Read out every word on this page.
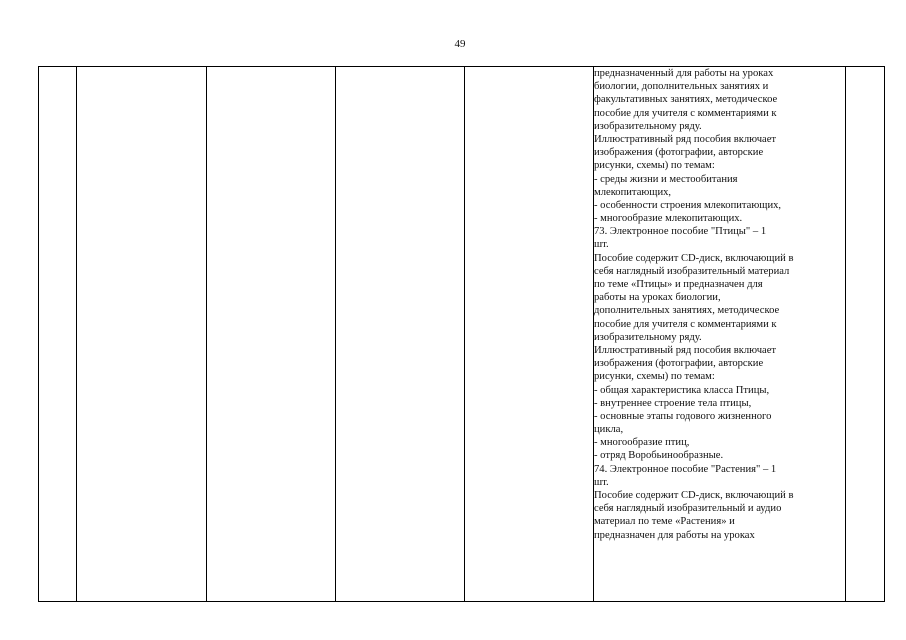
49

предназначенный для работы на уроках
биологии, дополнительных занятиях и
факультативных занятиях, методическое
пособие для учителя с комментариями к
изобразительному ряду.
Иллюстративный ряд пособия включает
изображения (фотографии, авторские
рисунки, схемы) по темам:
- среды жизни и местообитания
млекопитающих,
- особенности строения млекопитающих,
- многообразие млекопитающих.
73. Электронное пособие "Птицы" – 1
шт.
Пособие содержит CD-диск, включающий в
себя наглядный изобразительный материал
по теме «Птицы» и предназначен для
работы на уроках биологии,
дополнительных занятиях, методическое
пособие для учителя с комментариями к
изобразительному ряду.
Иллюстративный ряд пособия включает
изображения (фотографии, авторские
рисунки, схемы) по темам:
- общая характеристика класса Птицы,
- внутреннее строение тела птицы,
- основные этапы годового жизненного
цикла,
- многообразие птиц,
- отряд Воробьинообразные.
74. Электронное пособие "Растения" – 1
шт.
Пособие содержит CD-диск, включающий в
себя наглядный изобразительный и аудио
материал по теме «Растения» и
предназначен для работы на уроках
